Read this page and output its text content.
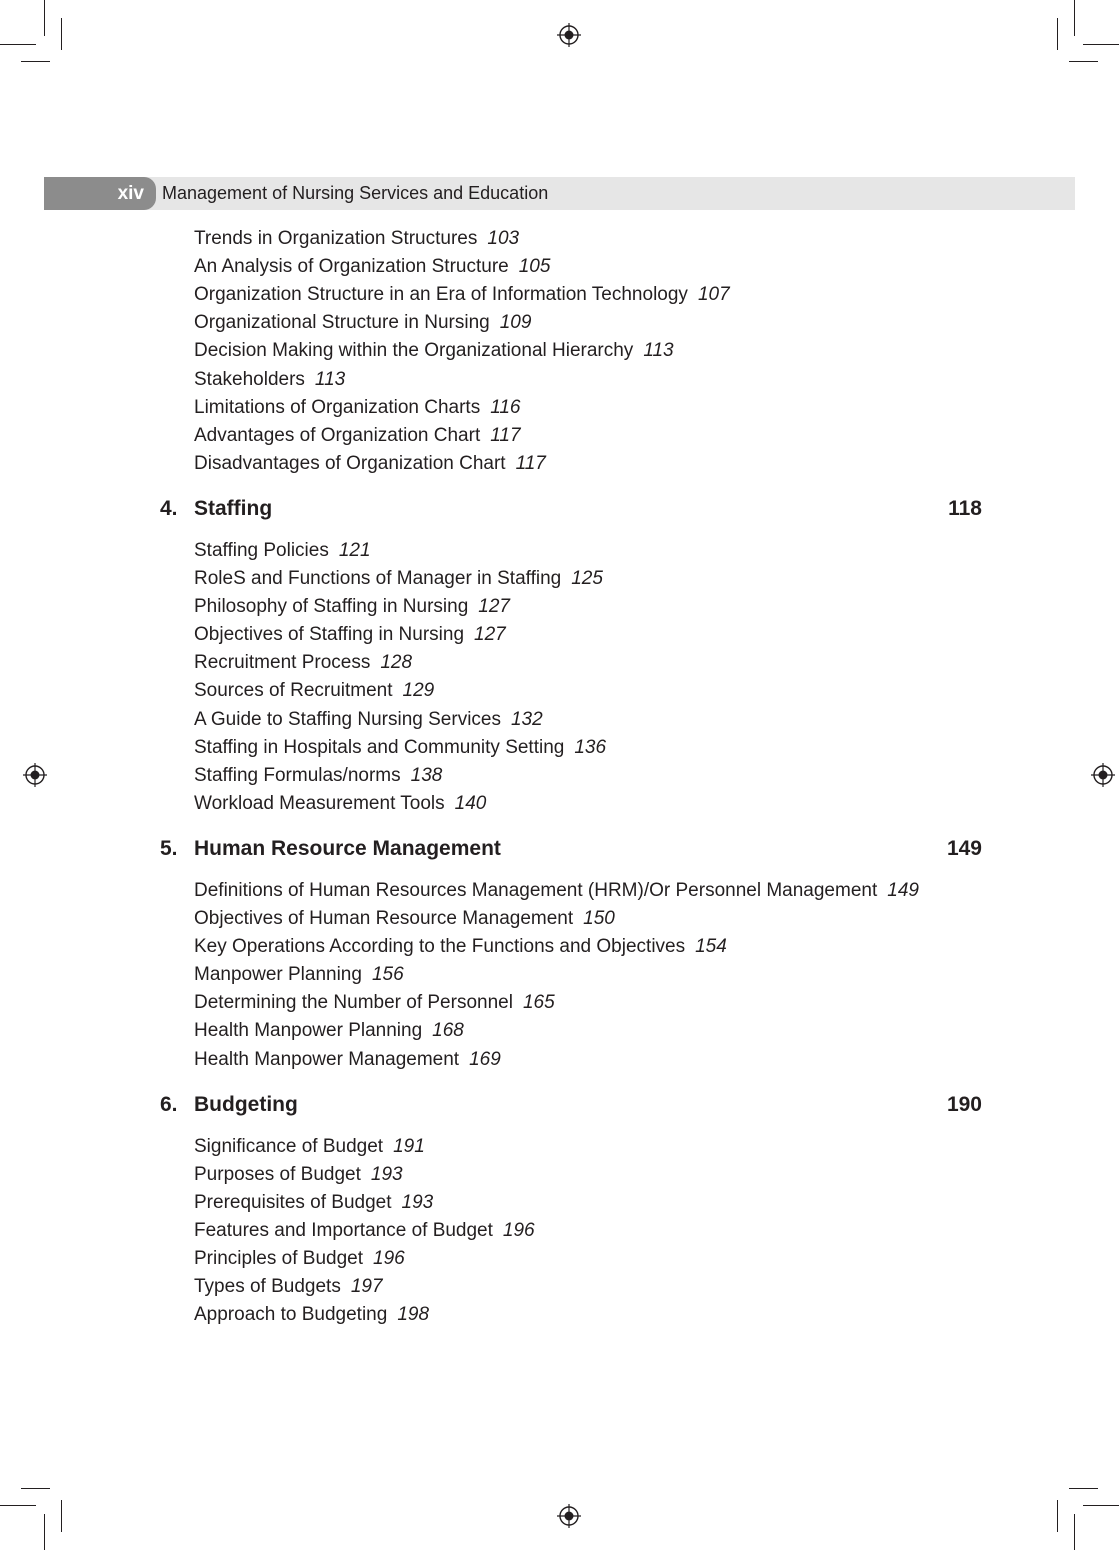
xiv Management of Nursing Services and Education
Trends in Organization Structures 103
An Analysis of Organization Structure 105
Organization Structure in an Era of Information Technology 107
Organizational Structure in Nursing 109
Decision Making within the Organizational Hierarchy 113
Stakeholders 113
Limitations of Organization Charts 116
Advantages of Organization Chart 117
Disadvantages of Organization Chart 117
4. Staffing	118
Staffing Policies 121
RoleS and Functions of Manager in Staffing 125
Philosophy of Staffing in Nursing 127
Objectives of Staffing in Nursing 127
Recruitment Process 128
Sources of Recruitment 129
A Guide to Staffing Nursing Services 132
Staffing in Hospitals and Community Setting 136
Staffing Formulas/norms 138
Workload Measurement Tools 140
5. Human Resource Management	149
Definitions of Human Resources Management (HRM)/Or Personnel Management 149
Objectives of Human Resource Management 150
Key Operations According to the Functions and Objectives 154
Manpower Planning 156
Determining the Number of Personnel 165
Health Manpower Planning 168
Health Manpower Management 169
6. Budgeting	190
Significance of Budget 191
Purposes of Budget 193
Prerequisites of Budget 193
Features and Importance of Budget 196
Principles of Budget 196
Types of Budgets 197
Approach to Budgeting 198
